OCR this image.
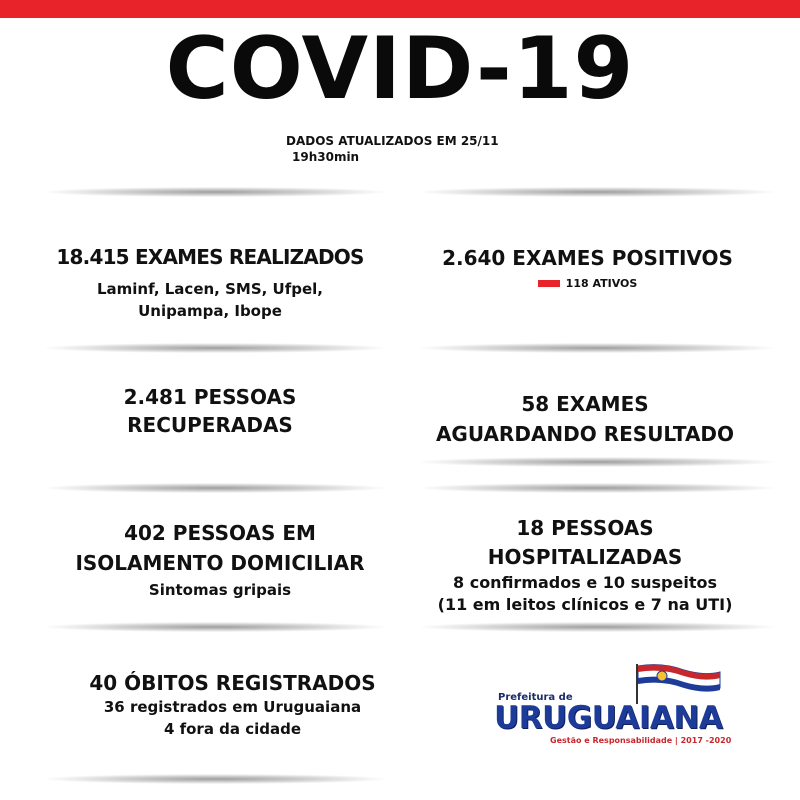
COVID-19
DADOS ATUALIZADOS EM 25/11
19h30min
18.415 EXAMES REALIZADOS
Laminf, Lacen, SMS, Ufpel, Unipampa, Ibope
2.481 PESSOAS
RECUPERADAS
402 PESSOAS EM
ISOLAMENTO DOMICILIAR
Sintomas gripais
40 ÓBITOS REGISTRADOS
36 registrados em Uruguaiana
4 fora da cidade
2.640 EXAMES POSITIVOS
118 ATIVOS
58 EXAMES
AGUARDANDO RESULTADO
18 PESSOAS
HOSPITALIZADAS
8 confirmados e 10 suspeitos
(11 em leitos clínicos e 7 na UTI)
Prefeitura de
URUGUAIANA
Gestão e Responsabilidade | 2017 -2020
